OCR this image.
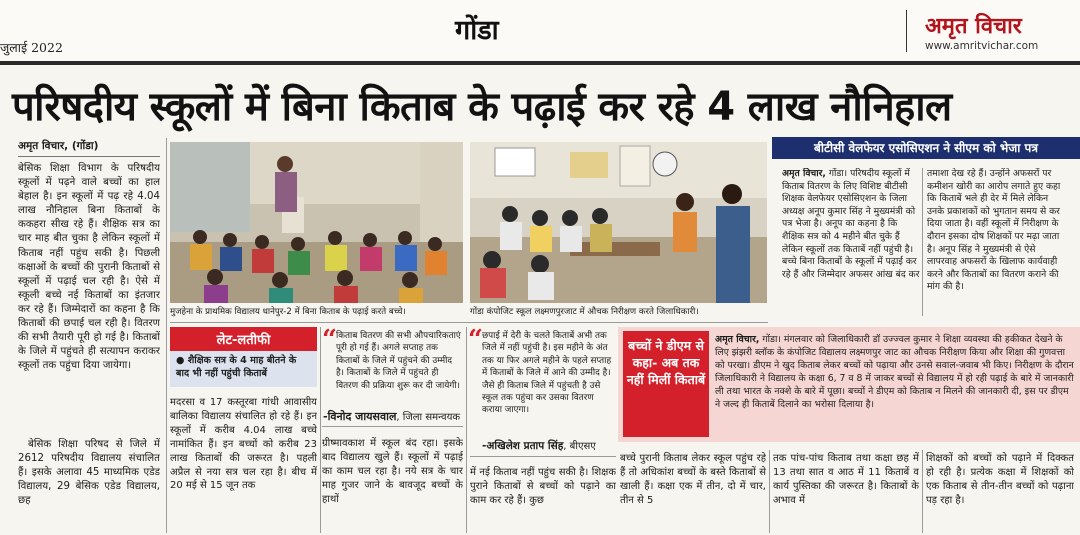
जुलाई 2022
गोंडा	अमृत विचार
www.amritvichar.com
परिषदीय स्कूलों में बिना किताब के पढ़ाई कर रहे 4 लाख नौनिहाल
अमृत विचार, (गोंडा)
बेसिक शिक्षा विभाग के परिषदीय स्कूलों में पढ़ने वाले बच्चों का हाल बेहाल है। इन स्कूलों में पढ़ रहे 4.04 लाख नौनिहाल बिना किताबों के ककहरा सीख रहे हैं। शैक्षिक सत्र का चार माह बीत चुका है लेकिन स्कूलों में किताब नहीं पहुंच सकी है। पिछली कक्षाओं के बच्चों की पुरानी किताबों से स्कूलों में पढ़ाई चल रही है। ऐसे में स्कूली बच्चे नई किताबों का इंतजार कर रहे हैं। जिम्मेदारों का कहना है कि किताबों की छपाई चल रही है। वितरण की सभी तैयारी पूरी हो गई है। किताबों के जिले में पहुंचते ही सत्यापन कराकर स्कूलों तक पहुंचा दिया जायेगा।
बेसिक शिक्षा परिषद से जिले में 2612 परिषदीय विद्यालय संचालित हैं। इसके अलावा 45 माध्यमिक एडेड विद्यालय, 29 बेसिक एडेड विद्यालय, छह
मुजहेना के प्राथमिक विद्यालय धानेपुर-2 में बिना किताब के पढ़ाई करते बच्चे।	गोंडा कंपोजिट स्कूल लक्ष्मणपुरजाट में औचक निरीक्षण करते जिलाधिकारी।
लेट-लतीफी
● शैक्षिक सत्र के 4 माह बीतने के बाद भी नहीं पहुंची किताबें
मदरसा व 17 कस्तूरबा गांधी आवासीय बालिका विद्यालय संचालित हो रहे हैं। इन स्कूलों में करीब 4.04 लाख बच्चे नामांकित हैं। इन बच्चों को करीब 23 लाख किताबों की जरूरत है। पहली अप्रैल से नया सत्र चल रहा है। बीच में 20 मई से 15 जून तक
“ किताब वितरण की सभी औपचारिकताएं पूरी हो गई हैं। अगले सप्ताह तक किताबों के जिले में पहुंचने की उम्मीद है। किताबों के जिले में पहुंचते ही वितरण की प्रक्रिया शुरू कर दी जायेगी।
-विनोद जायसवाल, जिला समन्वयक
ग्रीष्मावकाश में स्कूल बंद रहा। इसके बाद विद्यालय खुले हैं। स्कूलों में पढ़ाई का काम चल रहा है। नये सत्र के चार माह गुजर जाने के बावजूद बच्चों के हाथों
“ छपाई में देरी के चलते किताबें अभी तक जिले में नहीं पहुंची है। इस महीने के अंत तक या फिर अगले महीने के पहले सप्ताह में किताबों के जिले में आने की उम्मीद है। जैसे ही किताब जिले में पहुंचती है उसे स्कूल तक पहुंचा कर उसका वितरण कराया जाएगा।
-अखिलेश प्रताप सिंह, बीएसए
में नई किताब नहीं पहुंच सकी है। शिक्षक पुराने किताबों से बच्चों को पढ़ाने का काम कर रहे हैं। कुछ
बीटीसी वेलफेयर एसोसिएशन ने सीएम को भेजा पत्र
अमृत विचार, गोंडा। परिषदीय स्कूलों में किताब वितरण के लिए विशिष्ट बीटीसी शिक्षक वेलफेयर एसोसिएशन के जिला अध्यक्ष अनूप कुमार सिंह ने मुख्यमंत्री को पत्र भेजा है। अनूप का कहना है कि शैक्षिक सत्र को 4 महीने बीत चुके हैं लेकिन स्कूलों तक किताबें नहीं पहुंची है। बच्चे बिना किताबों के स्कूलों में पढ़ाई कर रहे हैं और जिम्मेदार अफसर आंख बंद कर
तमाशा देख रहे हैं। उन्होंने अफसरों पर कमीशन खोरी का आरोप लगाते हुए कहा कि किताबें भले ही देर में मिले लेकिन उनके प्रकाशकों को भुगतान समय से कर दिया जाता है। वहीं स्कूलों में निरीक्षण के दौरान इसका दोष शिक्षकों पर मढ़ा जाता है। अनूप सिंह ने मुख्यमंत्री से ऐसे लापरवाह अफसरों के खिलाफ कार्यवाही करने और किताबों का वितरण कराने की मांग की है।
बच्चों ने डीएम से कहा- अब तक नहीं मिलीं किताबें
अमृत विचार, गोंडा। मंगलवार को जिलाधिकारी डॉ उज्ज्वल कुमार ने शिक्षा व्यवस्था की हकीकत देखने के लिए झंझरी ब्लॉक के कंपोजिट विद्यालय लक्ष्मणपुर जाट का औचक निरीक्षण किया और शिक्षा की गुणवत्ता को परखा। डीएम ने खुद किताब लेकर बच्चों को पढ़ाया और उनसे सवाल-जवाब भी किए। निरीक्षण के दौरान जिलाधिकारी ने विद्यालय के कक्षा 6, 7 व 8 में जाकर बच्चों से विद्यालय में हो रही पढ़ाई के बारे में जानकारी ली तथा भारत के नक्शे के बारे में पूछा। बच्चों ने डीएम को किताब न मिलने की जानकारी दी, इस पर डीएम ने जल्द ही किताबें दिलाने का भरोसा दिलाया है।
बच्चे पुरानी किताब लेकर स्कूल पहुंच रहे हैं तो अधिकांश बच्चों के बस्ते किताबों से खाली हैं। कक्षा एक में तीन, दो में चार, तीन से 5
तक पांच-पांच किताब तथा कक्षा छह में 13 तथा सात व आठ में 11 किताबें व कार्य पुस्तिका की जरूरत है। किताबों के अभाव में
शिक्षकों को बच्चों को पढ़ाने में दिक्कत हो रही है। प्रत्येक कक्षा में शिक्षकों को एक किताब से तीन-तीन बच्चों को पढ़ाना पड़ रहा है।
